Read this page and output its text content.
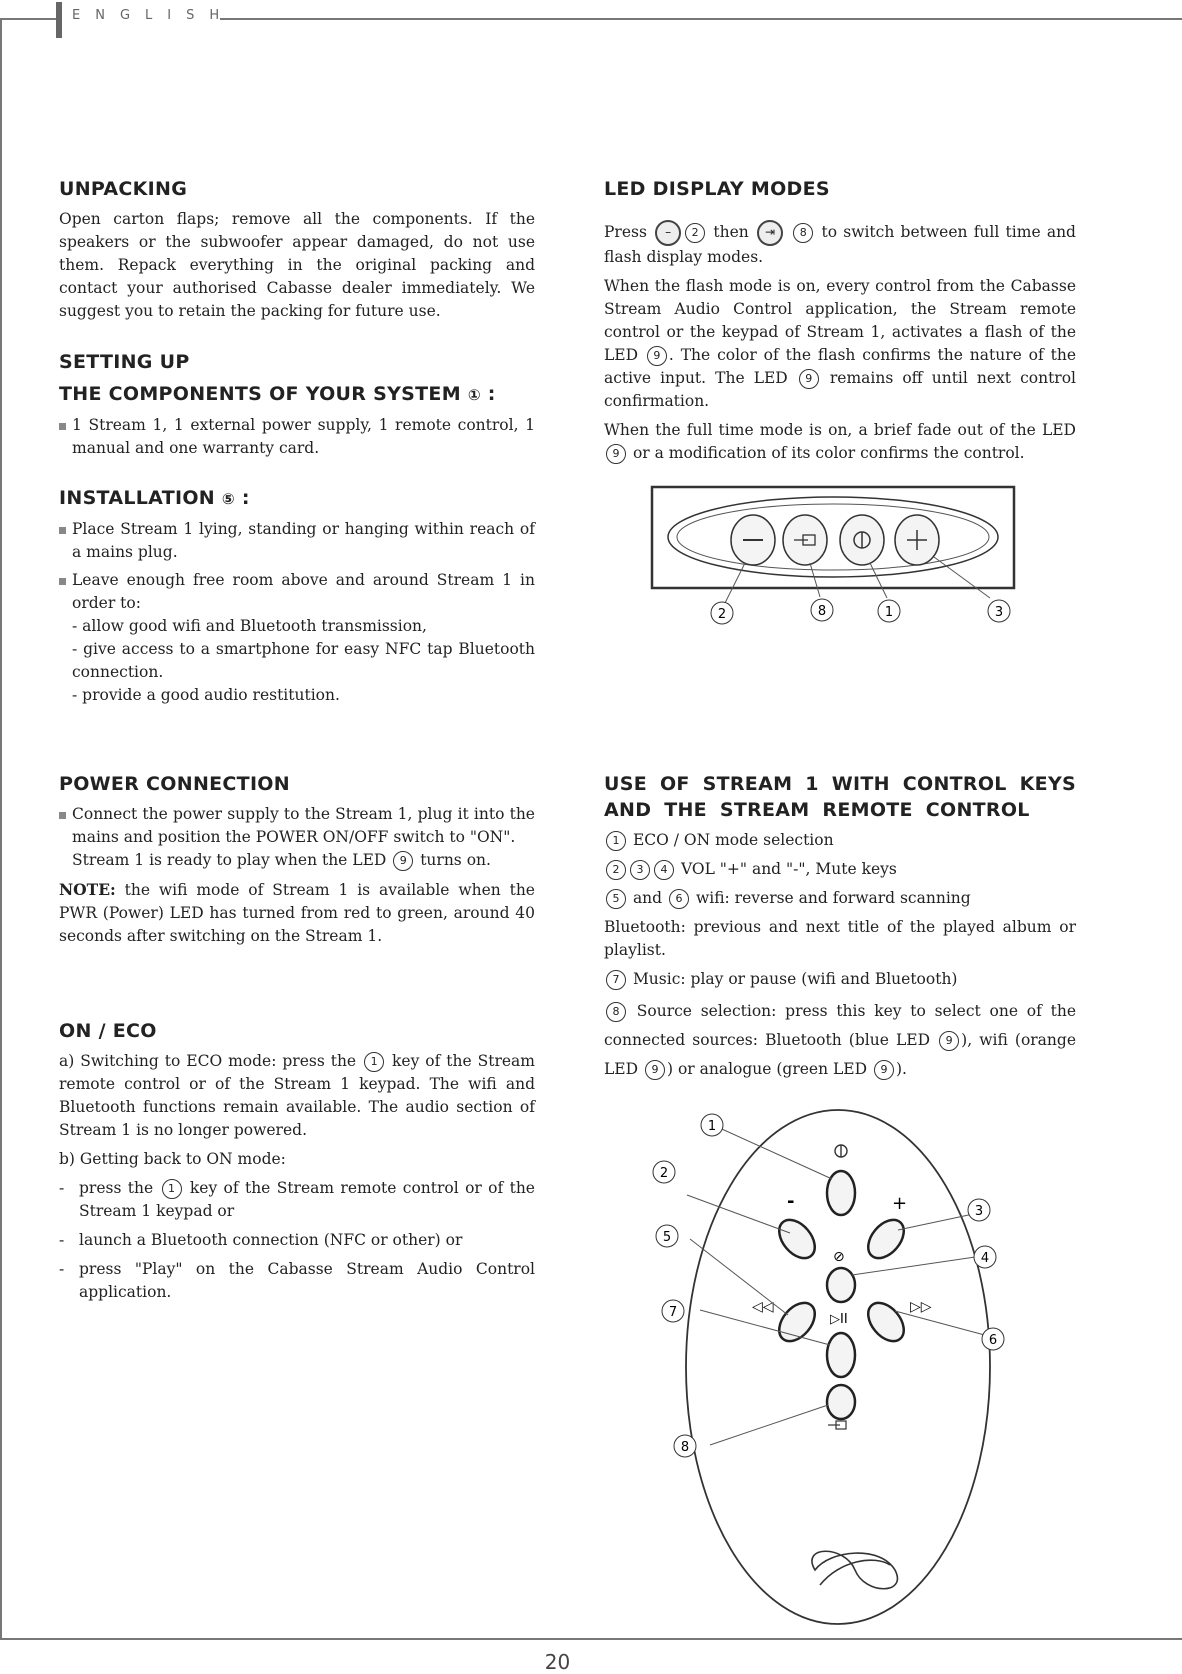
ENGLISH
UNPACKING

Open carton flaps; remove all the components. If the speakers or the subwoofer appear damaged, do not use them. Repack everything in the original packing and contact your authorised Cabasse dealer immediately. We suggest you to retain the packing for future use.

SETTING UP
THE COMPONENTS OF YOUR SYSTEM ① :

1 Stream 1, 1 external power supply, 1 remote control, 1 manual and one warranty card.

INSTALLATION ⑤ :

Place Stream 1 lying, standing or hanging within reach of a mains plug.

Leave enough free room above and around Stream 1 in order to:

- allow good wifi and Bluetooth transmission,

- give access to a smartphone for easy NFC tap Bluetooth connection.

- provide a good audio restitution.

POWER CONNECTION

Connect the power supply to the Stream 1, plug it into the mains and position the POWER ON/OFF switch to "ON".

Stream 1 is ready to play when the LED 9 turns on.

NOTE: the wifi mode of Stream 1 is available when the PWR (Power) LED has turned from red to green, around 40 seconds after switching on the Stream 1.

ON / ECO

a) Switching to ECO mode: press the 1 key of the Stream remote control or of the Stream 1 keypad. The wifi and Bluetooth functions remain available. The audio section of Stream 1 is no longer powered.

b) Getting back to ON mode:

- press the 1 key of the Stream remote control or of the Stream 1 keypad or

- launch a Bluetooth connection (NFC or other) or

- press "Play" on the Cabasse Stream Audio Control application.

LED DISPLAY MODES

Press – 2 then ⇥ 8 to switch between full time and flash display modes.

When the flash mode is on, every control from the Cabasse Stream Audio Control application, the Stream remote control or the keypad of Stream 1, activates a flash of the LED 9 . The color of the flash confirms the nature of the active input. The LED 9 remains off until next control confirmation.

When the full time mode is on, a brief fade out of the LED 9 or a modification of its color confirms the control.

USE OF STREAM 1 WITH CONTROL KEYS AND THE STREAM REMOTE CONTROL

1 ECO / ON mode selection

2 3 4 VOL "+" and "-", Mute keys

5 and 6 wifi: reverse and forward scanning

Bluetooth: previous and next title of the played album or playlist.

7 Music: play or pause (wifi and Bluetooth)

8 Source selection: press this key to select one of the connected sources: Bluetooth (blue LED 9 ), wifi (orange LED 9 ) or analogue (green LED 9 ).

2	8	1	3
-	+
⊘
◁◁	▷▷
▷II
1
2
3
4
5
6
7
8
20
